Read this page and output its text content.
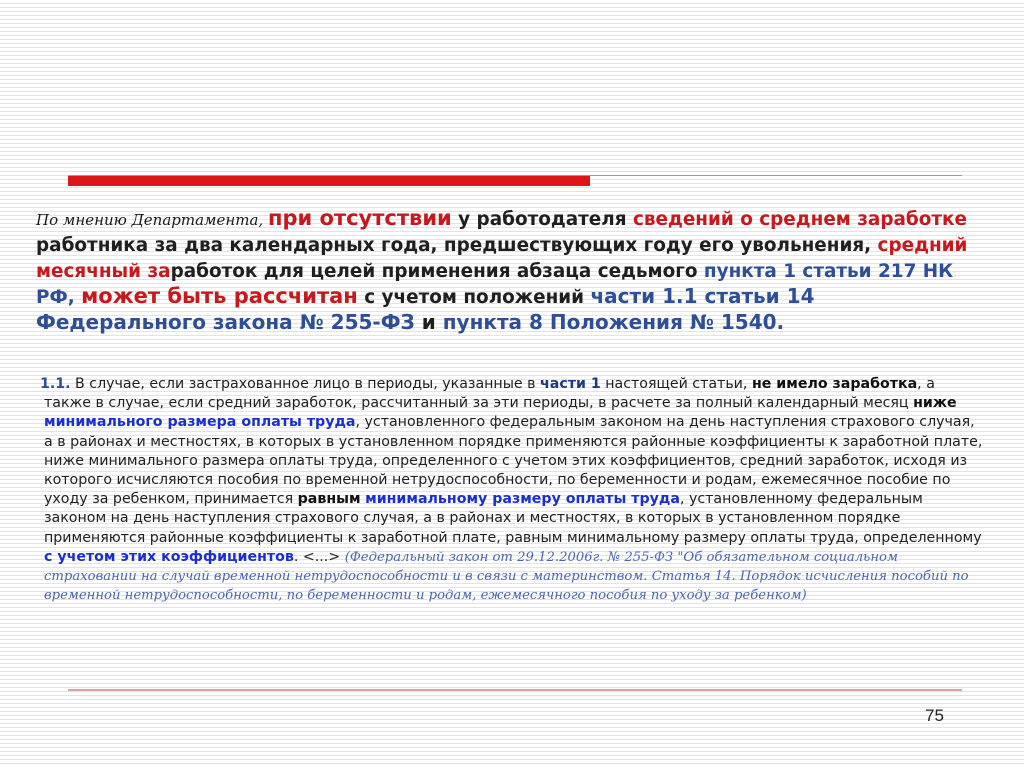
По мнению Департамента, при отсутствии у работодателя сведений о среднем заработке работника за два календарных года, предшествующих году его увольнения, средний месячный заработок для целей применения абзаца седьмого пункта 1 статьи 217 НК РФ, может быть рассчитан с учетом положений части 1.1 статьи 14 Федерального закона № 255-ФЗ и пункта 8 Положения № 1540.

1.1. В случае, если застрахованное лицо в периоды, указанные в части 1 настоящей статьи, не имело заработка, а также в случае, если средний заработок, рассчитанный за эти периоды, в расчете за полный календарный месяц ниже минимального размера оплаты труда, установленного федеральным законом на день наступления страхового случая, а в районах и местностях, в которых в установленном порядке применяются районные коэффициенты к заработной плате, ниже минимального размера оплаты труда, определенного с учетом этих коэффициентов, средний заработок, исходя из которого исчисляются пособия по временной нетрудоспособности, по беременности и родам, ежемесячное пособие по уходу за ребенком, принимается равным минимальному размеру оплаты труда, установленному федеральным законом на день наступления страхового случая, а в районах и местностях, в которых в установленном порядке применяются районные коэффициенты к заработной плате, равным минимальному размеру оплаты труда, определенному с учетом этих коэффициентов. <...> (Федеральный закон от 29.12.2006г. № 255-ФЗ "Об обязательном социальном страховании на случай временной нетрудоспособности и в связи с материнством. Статья 14. Порядок исчисления пособий по временной нетрудоспособности, по беременности и родам, ежемесячного пособия по уходу за ребенком)

75
